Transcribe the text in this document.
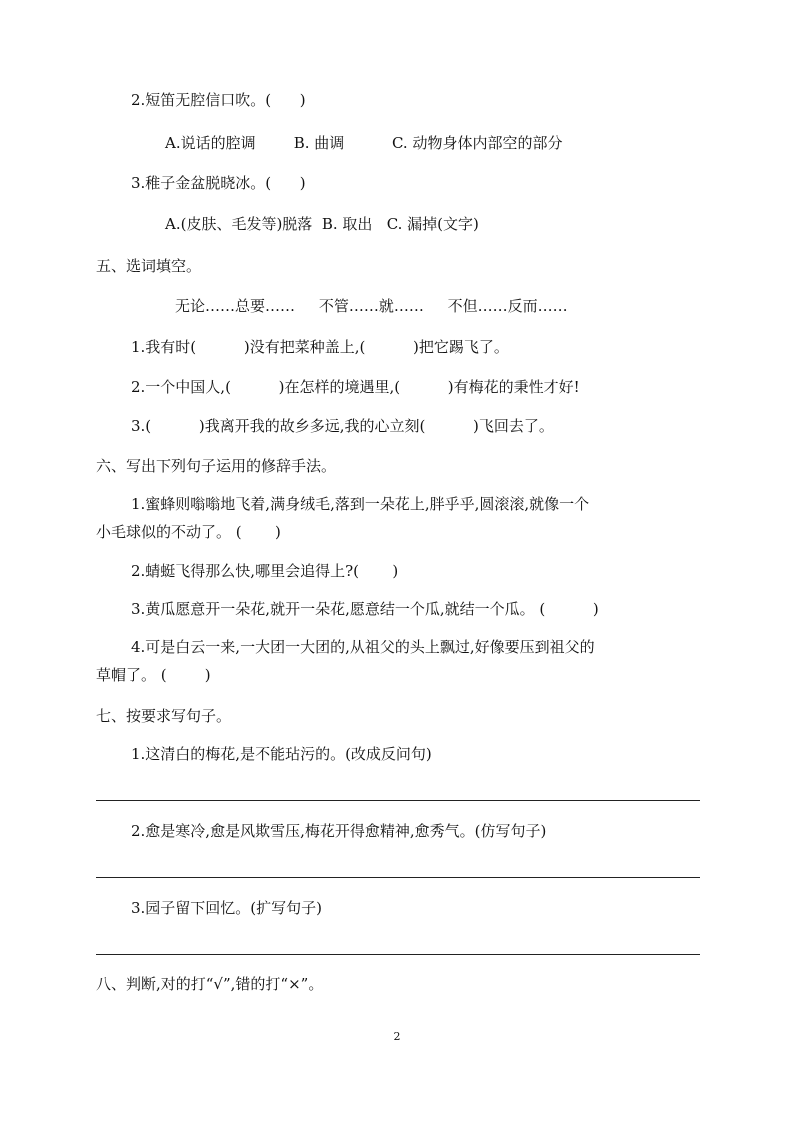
2.短笛无腔信口吹。(      )
A.说话的腔调        B. 曲调          C. 动物身体内部空的部分
3.稚子金盆脱晓冰。(      )
A.(皮肤、毛发等)脱落  B. 取出   C. 漏掉(文字)
五、选词填空。
无论……总要……     不管……就……     不但……反而……
1.我有时(          )没有把菜种盖上,(          )把它踢飞了。
2.一个中国人,(          )在怎样的境遇里,(          )有梅花的秉性才好!
3.(          )我离开我的故乡多远,我的心立刻(          )飞回去了。
六、写出下列句子运用的修辞手法。
1.蜜蜂则嗡嗡地飞着,满身绒毛,落到一朵花上,胖乎乎,圆滚滚,就像一个
小毛球似的不动了。 (       )
2.蜻蜓飞得那么快,哪里会追得上?(       )
3.黄瓜愿意开一朵花,就开一朵花,愿意结一个瓜,就结一个瓜。 (          )
4.可是白云一来,一大团一大团的,从祖父的头上飘过,好像要压到祖父的
草帽了。 (        )
七、按要求写句子。
1.这清白的梅花,是不能玷污的。(改成反问句)
2.愈是寒冷,愈是风欺雪压,梅花开得愈精神,愈秀气。(仿写句子)
3.园子留下回忆。(扩写句子)
八、判断,对的打“√”,错的打“×”。
2
